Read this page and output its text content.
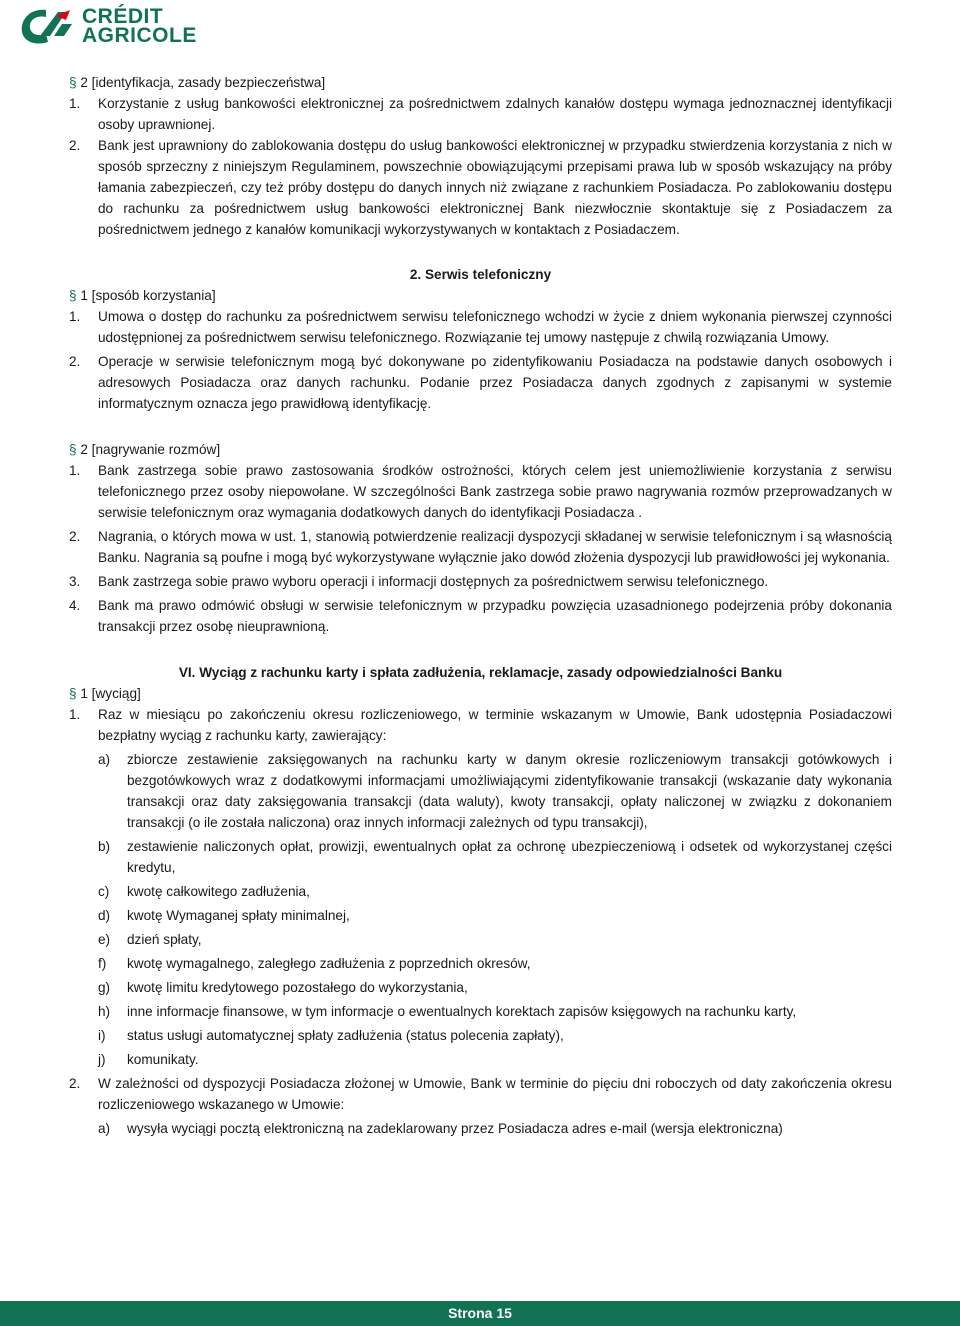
CRÉDIT
AGRICOLE

§ 2 [identyfikacja, zasady bezpieczeństwa]

1.	Korzystanie z usług bankowości elektronicznej za pośrednictwem zdalnych kanałów dostępu wymaga jednoznacznej identyfikacji osoby uprawnionej.
2.	Bank jest uprawniony do zablokowania dostępu do usług bankowości elektronicznej w przypadku stwierdzenia korzystania z nich w sposób sprzeczny z niniejszym Regulaminem, powszechnie obowiązującymi przepisami prawa lub w sposób wskazujący na próby łamania zabezpieczeń, czy też próby dostępu do danych innych niż związane z rachunkiem Posiadacza. Po zablokowaniu dostępu do rachunku za pośrednictwem usług bankowości elektronicznej Bank niezwłocznie skontaktuje się z Posiadaczem za pośrednictwem jednego z kanałów komunikacji wykorzystywanych w kontaktach z Posiadaczem.

2. Serwis telefoniczny

§ 1 [sposób korzystania]

1.	Umowa o dostęp do rachunku za pośrednictwem serwisu telefonicznego wchodzi w życie z dniem wykonania pierwszej czynności udostępnionej za pośrednictwem serwisu telefonicznego. Rozwiązanie tej umowy następuje z chwilą rozwiązania Umowy.
2.	Operacje w serwisie telefonicznym mogą być dokonywane po zidentyfikowaniu Posiadacza na podstawie danych osobowych i adresowych Posiadacza oraz danych rachunku. Podanie przez Posiadacza danych zgodnych z zapisanymi w systemie informatycznym oznacza jego prawidłową identyfikację.

§ 2 [nagrywanie rozmów]

1.	Bank zastrzega sobie prawo zastosowania środków ostrożności, których celem jest uniemożliwienie korzystania z serwisu telefonicznego przez osoby niepowołane. W szczególności Bank zastrzega sobie prawo nagrywania rozmów przeprowadzanych w serwisie telefonicznym oraz wymagania dodatkowych danych do identyfikacji Posiadacza .
2.	Nagrania, o których mowa w ust. 1, stanowią potwierdzenie realizacji dyspozycji składanej w serwisie telefonicznym i są własnością Banku. Nagrania są poufne i mogą być wykorzystywane wyłącznie jako dowód złożenia dyspozycji lub prawidłowości jej wykonania.
3.	Bank zastrzega sobie prawo wyboru operacji i informacji dostępnych za pośrednictwem serwisu telefonicznego.
4.	Bank ma prawo odmówić obsługi w serwisie telefonicznym w przypadku powzięcia uzasadnionego podejrzenia próby dokonania transakcji przez osobę nieuprawnioną.

VI. Wyciąg z rachunku karty i spłata zadłużenia, reklamacje, zasady odpowiedzialności Banku

§ 1 [wyciąg]

1.	Raz w miesiącu po zakończeniu okresu rozliczeniowego, w terminie wskazanym w Umowie, Bank udostępnia Posiadaczowi bezpłatny wyciąg z rachunku karty, zawierający:
a)	zbiorcze zestawienie zaksięgowanych na rachunku karty w danym okresie rozliczeniowym transakcji gotówkowych i bezgotówkowych wraz z dodatkowymi informacjami umożliwiającymi zidentyfikowanie transakcji (wskazanie daty wykonania transakcji oraz daty zaksięgowania transakcji (data waluty), kwoty transakcji, opłaty naliczonej w związku z dokonaniem transakcji (o ile została naliczona) oraz innych informacji zależnych od typu transakcji),
b)	zestawienie naliczonych opłat, prowizji, ewentualnych opłat za ochronę ubezpieczeniową i odsetek od wykorzystanej części kredytu,
c)	kwotę całkowitego zadłużenia,
d)	kwotę Wymaganej spłaty minimalnej,
e)	dzień spłaty,
f)	kwotę wymagalnego, zaległego zadłużenia z poprzednich okresów,
g)	kwotę limitu kredytowego pozostałego do wykorzystania,
h)	inne informacje finansowe, w tym informacje o ewentualnych korektach zapisów księgowych na rachunku karty,
i)	status usługi automatycznej spłaty zadłużenia (status polecenia zapłaty),
j)	komunikaty.
2.	W zależności od dyspozycji Posiadacza złożonej w Umowie, Bank w terminie do pięciu dni roboczych od daty zakończenia okresu rozliczeniowego wskazanego w Umowie:
a)	wysyła wyciągi pocztą elektroniczną na zadeklarowany przez Posiadacza adres e-mail (wersja elektroniczna)
Strona 15
